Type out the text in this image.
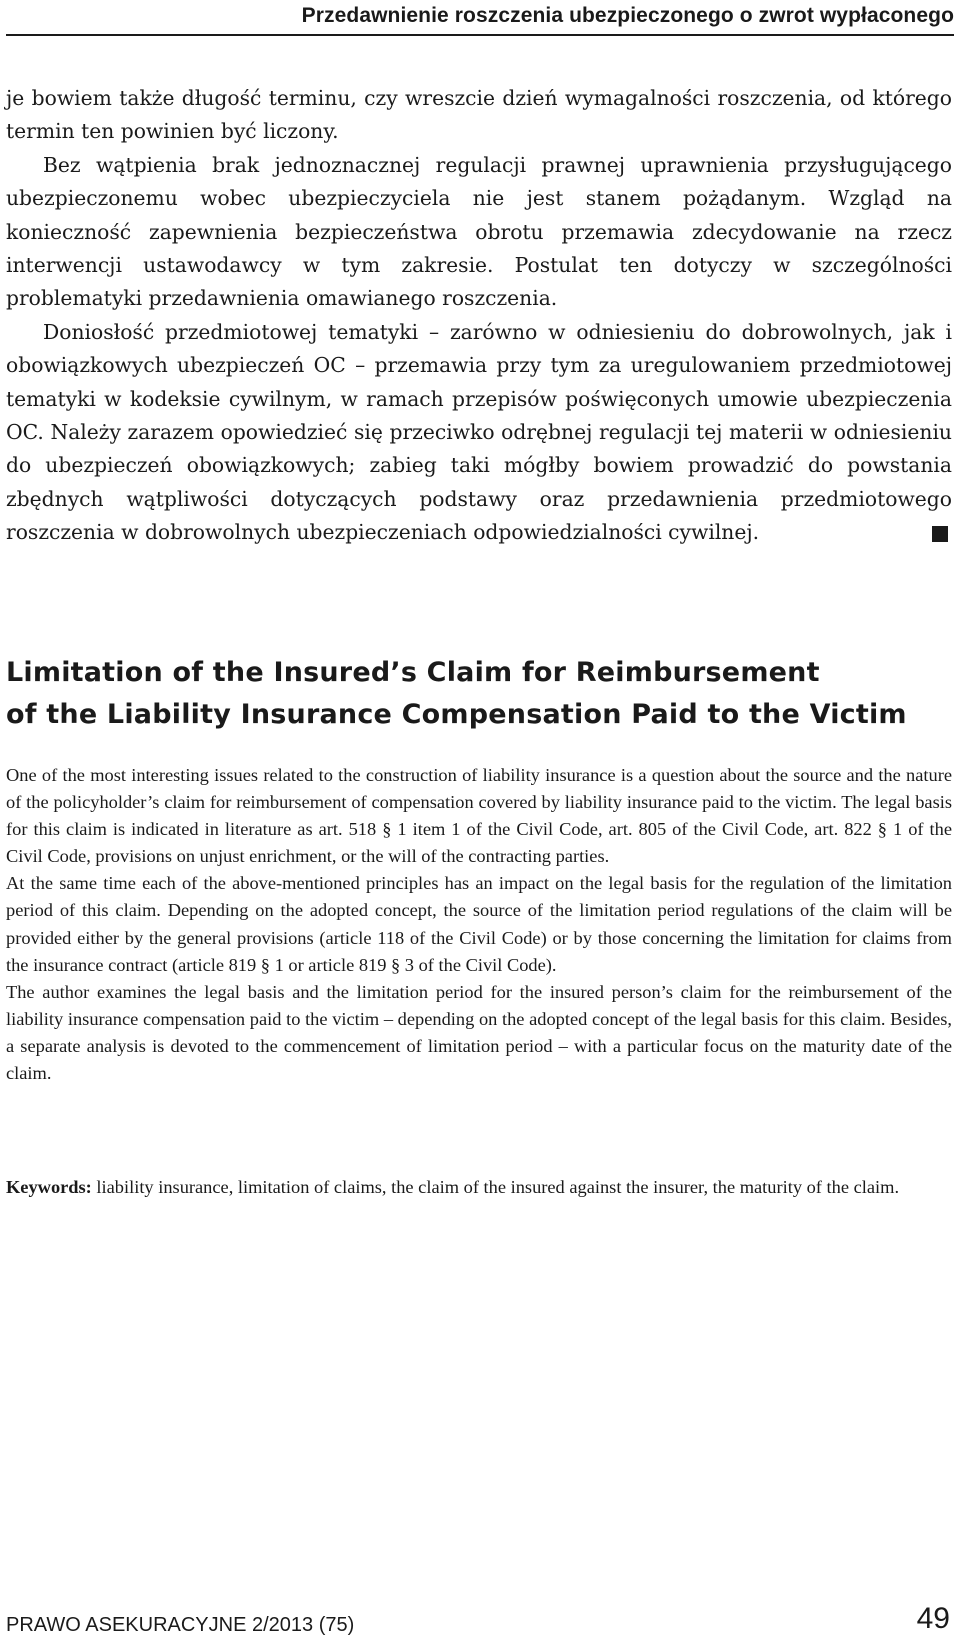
Przedawnienie roszczenia ubezpieczonego o zwrot wypłaconego

je bowiem także długość terminu, czy wreszcie dzień wymagalności roszczenia, od którego termin ten powinien być liczony.

Bez wątpienia brak jednoznacznej regulacji prawnej uprawnienia przysługującego ubezpieczonemu wobec ubezpieczyciela nie jest stanem pożądanym. Wzgląd na konieczność zapewnienia bezpieczeństwa obrotu przemawia zdecydowanie na rzecz interwencji ustawodawcy w tym zakresie. Postulat ten dotyczy w szczególności problematyki przedawnienia omawianego roszczenia.

Doniosłość przedmiotowej tematyki – zarówno w odniesieniu do dobrowolnych, jak i obowiązkowych ubezpieczeń OC – przemawia przy tym za uregulowaniem przedmiotowej tematyki w kodeksie cywilnym, w ramach przepisów poświęconych umowie ubezpieczenia OC. Należy zarazem opowiedzieć się przeciwko odrębnej regulacji tej materii w odniesieniu do ubezpieczeń obowiązkowych; zabieg taki mógłby bowiem prowadzić do powstania zbędnych wątpliwości dotyczących podstawy oraz przedawnienia przedmiotowego roszczenia w dobrowolnych ubezpieczeniach odpowiedzialności cywilnej.

Limitation of the Insured’s Claim for Reimbursement
of the Liability Insurance Compensation Paid to the Victim

One of the most interesting issues related to the construction of liability insurance is a question about the source and the nature of the policyholder’s claim for reimbursement of compensation covered by liability insurance paid to the victim. The legal basis for this claim is indicated in literature as art. 518 § 1 item 1 of the Civil Code, art. 805 of the Civil Code, art. 822 § 1 of the Civil Code, provisions on unjust enrichment, or the will of the contracting parties.

At the same time each of the above-mentioned principles has an impact on the legal basis for the regulation of the limitation period of this claim. Depending on the adopted concept, the source of the limitation period regulations of the claim will be provided either by the general provisions (article 118 of the Civil Code) or by those concerning the limitation for claims from the insurance contract (article 819 § 1 or article 819 § 3 of the Civil Code).

The author examines the legal basis and the limitation period for the insured person’s claim for the reimbursement of the liability insurance compensation paid to the victim – depending on the adopted concept of the legal basis for this claim. Besides, a separate analysis is devoted to the commencement of limitation period – with a particular focus on the maturity date of the claim.

Keywords: liability insurance, limitation of claims, the claim of the insured against the insurer, the maturity of the claim.

PRAWO ASEKURACYJNE 2/2013 (75)	49
